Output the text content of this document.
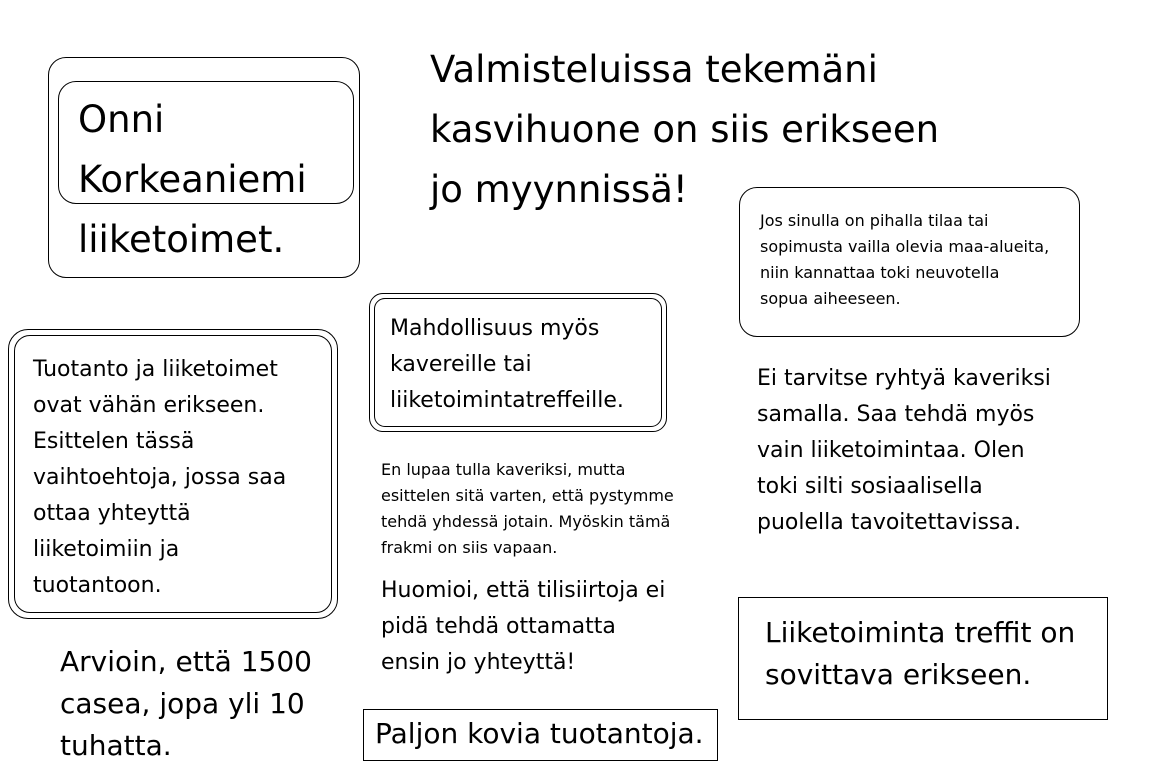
Onni
Korkeaniemi
liiketoimet.
Valmisteluissa tekemäni
kasvihuone on siis erikseen
jo myynnissä!
Jos sinulla on pihalla tilaa tai
sopimusta vailla olevia maa-alueita,
niin kannattaa toki neuvotella
sopua aiheeseen.
Mahdollisuus myös
kavereille tai
liiketoimintatreffeille.
Tuotanto ja liiketoimet
ovat vähän erikseen.
Esittelen tässä
vaihtoehtoja, jossa saa
ottaa yhteyttä
liiketoimiin ja
tuotantoon.
En lupaa tulla kaveriksi, mutta
esittelen sitä varten, että pystymme
tehdä yhdessä jotain. Myöskin tämä
frakmi on siis vapaan.
Ei tarvitse ryhtyä kaveriksi
samalla. Saa tehdä myös
vain liiketoimintaa. Olen
toki silti sosiaalisella
puolella tavoitettavissa.
Huomioi, että tilisiirtoja ei
pidä tehdä ottamatta
ensin jo yhteyttä!
Liiketoiminta treffit on
sovittava erikseen.
Arvioin, että 1500
casea, jopa yli 10
tuhatta.	Paljon kovia tuotantoja.
